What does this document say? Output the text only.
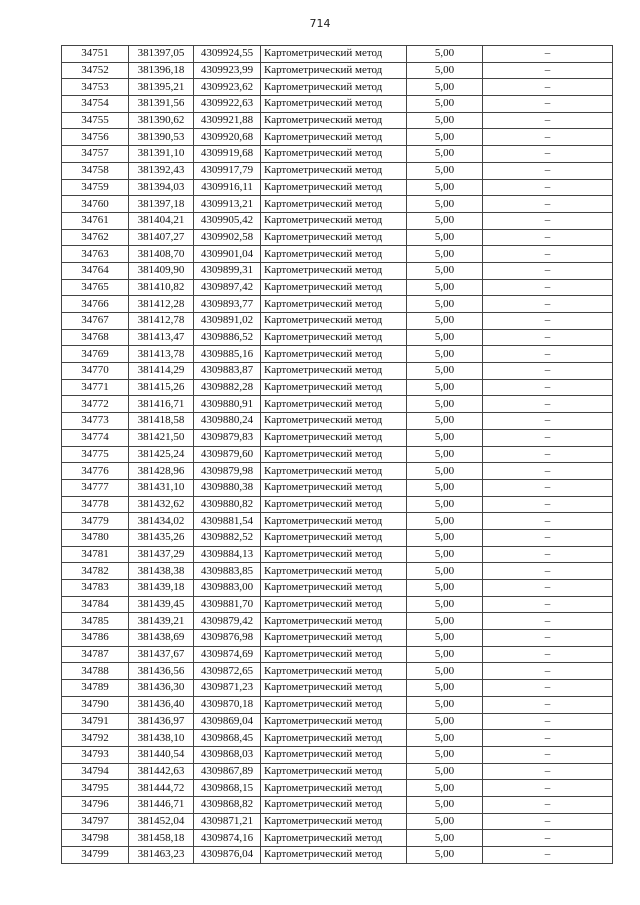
714
34751	381397,05	4309924,55	Картометрический метод	5,00	–
34752	381396,18	4309923,99	Картометрический метод	5,00	–
34753	381395,21	4309923,62	Картометрический метод	5,00	–
34754	381391,56	4309922,63	Картометрический метод	5,00	–
34755	381390,62	4309921,88	Картометрический метод	5,00	–
34756	381390,53	4309920,68	Картометрический метод	5,00	–
34757	381391,10	4309919,68	Картометрический метод	5,00	–
34758	381392,43	4309917,79	Картометрический метод	5,00	–
34759	381394,03	4309916,11	Картометрический метод	5,00	–
34760	381397,18	4309913,21	Картометрический метод	5,00	–
34761	381404,21	4309905,42	Картометрический метод	5,00	–
34762	381407,27	4309902,58	Картометрический метод	5,00	–
34763	381408,70	4309901,04	Картометрический метод	5,00	–
34764	381409,90	4309899,31	Картометрический метод	5,00	–
34765	381410,82	4309897,42	Картометрический метод	5,00	–
34766	381412,28	4309893,77	Картометрический метод	5,00	–
34767	381412,78	4309891,02	Картометрический метод	5,00	–
34768	381413,47	4309886,52	Картометрический метод	5,00	–
34769	381413,78	4309885,16	Картометрический метод	5,00	–
34770	381414,29	4309883,87	Картометрический метод	5,00	–
34771	381415,26	4309882,28	Картометрический метод	5,00	–
34772	381416,71	4309880,91	Картометрический метод	5,00	–
34773	381418,58	4309880,24	Картометрический метод	5,00	–
34774	381421,50	4309879,83	Картометрический метод	5,00	–
34775	381425,24	4309879,60	Картометрический метод	5,00	–
34776	381428,96	4309879,98	Картометрический метод	5,00	–
34777	381431,10	4309880,38	Картометрический метод	5,00	–
34778	381432,62	4309880,82	Картометрический метод	5,00	–
34779	381434,02	4309881,54	Картометрический метод	5,00	–
34780	381435,26	4309882,52	Картометрический метод	5,00	–
34781	381437,29	4309884,13	Картометрический метод	5,00	–
34782	381438,38	4309883,85	Картометрический метод	5,00	–
34783	381439,18	4309883,00	Картометрический метод	5,00	–
34784	381439,45	4309881,70	Картометрический метод	5,00	–
34785	381439,21	4309879,42	Картометрический метод	5,00	–
34786	381438,69	4309876,98	Картометрический метод	5,00	–
34787	381437,67	4309874,69	Картометрический метод	5,00	–
34788	381436,56	4309872,65	Картометрический метод	5,00	–
34789	381436,30	4309871,23	Картометрический метод	5,00	–
34790	381436,40	4309870,18	Картометрический метод	5,00	–
34791	381436,97	4309869,04	Картометрический метод	5,00	–
34792	381438,10	4309868,45	Картометрический метод	5,00	–
34793	381440,54	4309868,03	Картометрический метод	5,00	–
34794	381442,63	4309867,89	Картометрический метод	5,00	–
34795	381444,72	4309868,15	Картометрический метод	5,00	–
34796	381446,71	4309868,82	Картометрический метод	5,00	–
34797	381452,04	4309871,21	Картометрический метод	5,00	–
34798	381458,18	4309874,16	Картометрический метод	5,00	–
34799	381463,23	4309876,04	Картометрический метод	5,00	–
